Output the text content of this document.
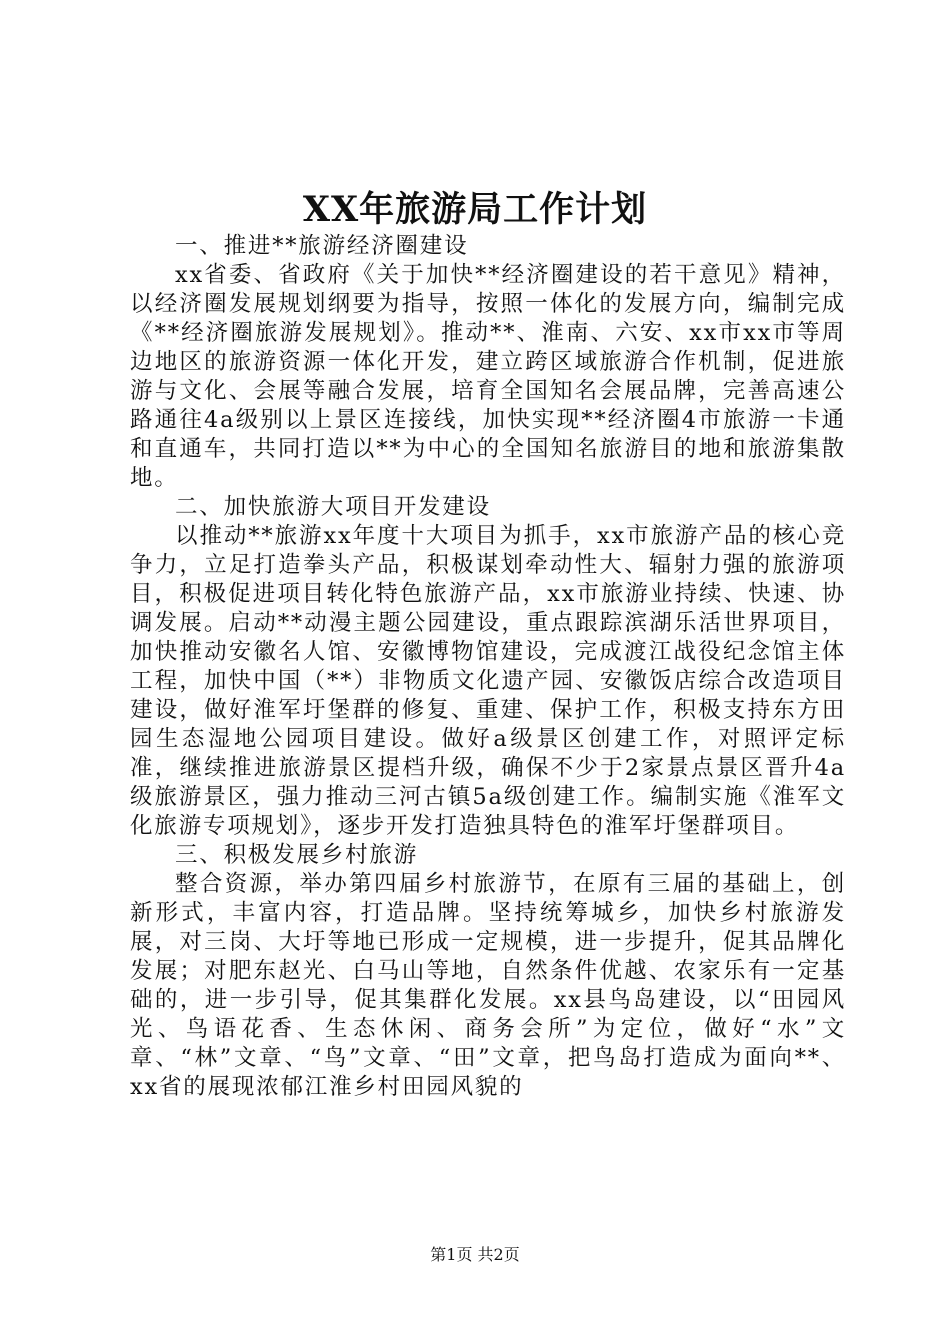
XX年旅游局工作计划

一、推进**旅游经济圈建设

xx省委、省政府《关于加快**经济圈建设的若干意见》精神，以经济圈发展规划纲要为指导，按照一体化的发展方向，编制完成《**经济圈旅游发展规划》。推动**、淮南、六安、xx市xx市等周边地区的旅游资源一体化开发，建立跨区域旅游合作机制，促进旅游与文化、会展等融合发展，培育全国知名会展品牌，完善高速公路通往4a级别以上景区连接线，加快实现**经济圈4市旅游一卡通和直通车，共同打造以**为中心的全国知名旅游目的地和旅游集散地。

二、加快旅游大项目开发建设

以推动**旅游xx年度十大项目为抓手，xx市旅游产品的核心竞争力，立足打造拳头产品，积极谋划牵动性大、辐射力强的旅游项目，积极促进项目转化特色旅游产品，xx市旅游业持续、快速、协调发展。启动**动漫主题公园建设，重点跟踪滨湖乐活世界项目，加快推动安徽名人馆、安徽博物馆建设，完成渡江战役纪念馆主体工程，加快中国（**）非物质文化遗产园、安徽饭店综合改造项目建设，做好淮军圩堡群的修复、重建、保护工作，积极支持东方田园生态湿地公园项目建设。做好a级景区创建工作，对照评定标准，继续推进旅游景区提档升级，确保不少于2家景点景区晋升4a级旅游景区，强力推动三河古镇5a级创建工作。编制实施《淮军文化旅游专项规划》，逐步开发打造独具特色的淮军圩堡群项目。

三、积极发展乡村旅游

整合资源，举办第四届乡村旅游节，在原有三届的基础上，创新形式，丰富内容，打造品牌。坚持统筹城乡，加快乡村旅游发展，对三岗、大圩等地已形成一定规模，进一步提升，促其品牌化发展；对肥东赵光、白马山等地，自然条件优越、农家乐有一定基础的，进一步引导，促其集群化发展。xx县鸟岛建设，以“田园风光、鸟语花香、生态休闲、商务会所”为定位，做好“水”文章、“林”文章、“鸟”文章、“田”文章，把鸟岛打造成为面向**、xx省的展现浓郁江淮乡村田园风貌的

第1页 共2页
